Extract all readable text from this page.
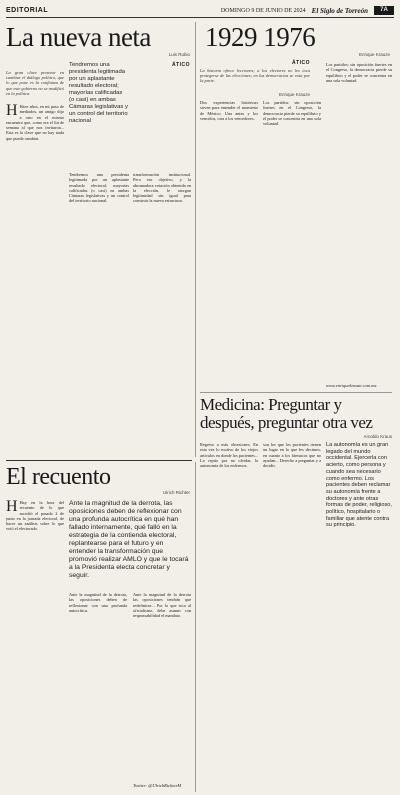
EDITORIAL	DOMINGO 9 DE JUNIO DE 2024 El Siglo de Torreón	7A
La nueva neta
Luis Rubio
ÁTICO
La gran clave presente en cambiar el diálogo político, que lo que pone es la confianza de que este gobierno no se modificó en la política.
H Hace años, en mi paso de mediados, un amigo dijo a otro en el mismo encuentro que, como era el fin de semana al que nos invitaron... Esta es la clave que no hay nada que pueda cambiar.
Tendremos una presidenta legitimada por un aplastante resultado electoral; mayorías calificadas (o casi) en ambas Cámaras legislativas y un control del territorio nacional
Tendremos una presidenta legitimada por un aplastante resultado electoral; mayorías calificadas (o casi) en ambas Cámaras legislativas y un control del territorio nacional.
transformación institucional. Pero ese objetivo, y la abrumadora votación obtenida en la elección, le otorgan legitimidad sin igual para construir la nueva estructura.
1929 1976
Enrique Krauze
ÁTICO
La historia ofrece lecciones; a los electores no les toca protegerse de las elecciones; en las democracias se vota por la parte.
Enrique Krauze
Dos experiencias históricas sirven para entender el momento de México. Una antes y los vencidos, otra a los vencedores.
Los partidos: sin oposición fuertes en el Congreso, la democracia pierde su equilibrio y el poder se concentra en una sola voluntad.
Los partidos: sin oposición fuertes en el Congreso, la democracia pierde su equilibrio y el poder se concentra en una sola voluntad.
www.enriquekrauze.com.mx
Medicina: Preguntar y después, preguntar otra vez
Arnoldo Kraus
Regreso a más obsesiones. En esta vez lo motivo de los viejos artículos en donde los pacientes... Lo repito por no olvidar, la autonomía de los enfermos.
son los que los pacientes tienen un lugar en lo que les decimos, en cuanto a los fármacos que no ayudan... Derecho a preguntar y a decidir.
La autonomía es un gran legado del mundo occidental. Ejercerla con acierto, como persona y cuando sea necesario como enfermo. Los pacientes deben reclamar su autonomía frente a doctores y ante otras formas de poder, religioso, político, hospitalario o familiar que atente contra su principio.
El recuento
Ulrich Richter
H Hay en la hora del recuento de lo que sucedió el pasado 2 de junio en la jornada electoral, de hacer un análisis sobre lo que votó el electorado.
Ante la magnitud de la derrota, las oposiciones deben de reflexionar con una profunda autocrítica en qué han fallado internamente, qué falló en la estrategia de la contienda electoral, replantearse para el futuro y en entender la transformación que promovió realizar AMLO y que le tocará a la Presidenta electa concretar y seguir.
Ante la magnitud de la derrota, las oposiciones deben de reflexionar con una profunda autocrítica.
Ante la magnitud de la derrota las oposiciones tendrán que redefinirse... Por lo que toca al oficialismo, debe asumir con responsabilidad el mandato.
Twitter: @UlrichRichterM
